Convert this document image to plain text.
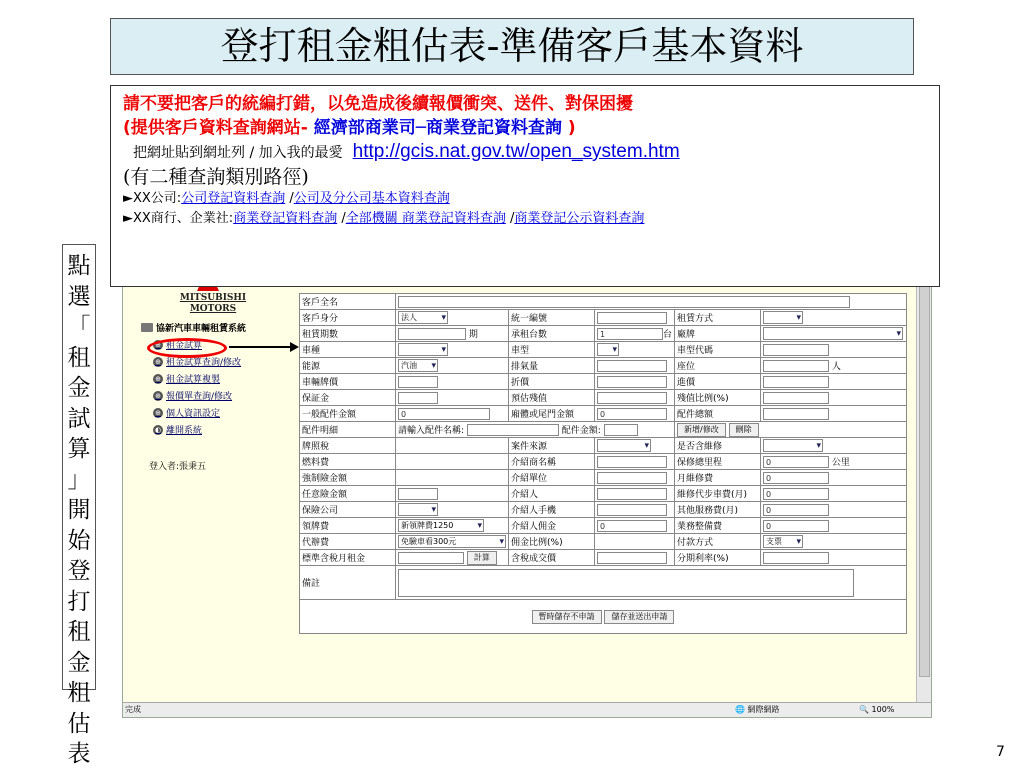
登打租金粗估表-準備客戶基本資料
點
選
「
租
金
試
算
」
開
始
登
打
租
金
粗
估
表
MITSUBISHI
MOTORS
協新汽車車輛租賃系統
⊕ 租金試算
⊕ 租金試算查詢/修改
⊕ 租金試算複製
⊕ 報價單查詢/修改
⊕ 個人資訊設定
◐ 離開系統
登入者:張秉五
客戶全名					
客戶身分	法人 ▾	統一編號		租賃方式	▾
租賃期數	期	承租台數	1 台	廠牌	▾
車種	▾	車型	▾	車型代碼	
能源	汽油 ▾	排氣量		座位	人
車輛牌價		折價		進價	
保証金		預估殘值		殘值比例(%)	
一般配件金額	0	廂體或尾門金額	0	配件總額	
配件明細	請輸入配件名稱: 配件金額:			新增/修改 刪除	
牌照稅		案件來源	▾	是否含維修	▾
燃料費		介紹商名稱		保修總里程	0 公里
強制險金額		介紹單位		月維修費	0
任意險金額		介紹人		維修代步車費(月)	0
保險公司	▾	介紹人手機		其他服務費(月)	0
領牌費	新領牌費1250 ▾	介紹人佣金	0	業務整備費	0
代辦費	免驗車看300元 ▾	佣金比例(%)		付款方式	支票 ▾
標準含稅月租金	計算	含稅成交價		分期利率(%)	
備註					
暫時儲存不申請 儲存並送出申請					
完成	🌐 網際網路	🔍 100%
請不要把客戶的統編打錯，以免造成後續報價衝突、送件、對保困擾
(提供客戶資料查詢網站- 經濟部商業司─商業登記資料查詢 )
把網址貼到網址列 / 加入我的最愛 http://gcis.nat.gov.tw/open_system.htm
(有二種查詢類別路徑)
►XX公司:公司登記資料查詢 /公司及分公司基本資料查詢
►XX商行、企業社:商業登記資料查詢 /全部機關 商業登記資料查詢 /商業登記公示資料查詢
7
